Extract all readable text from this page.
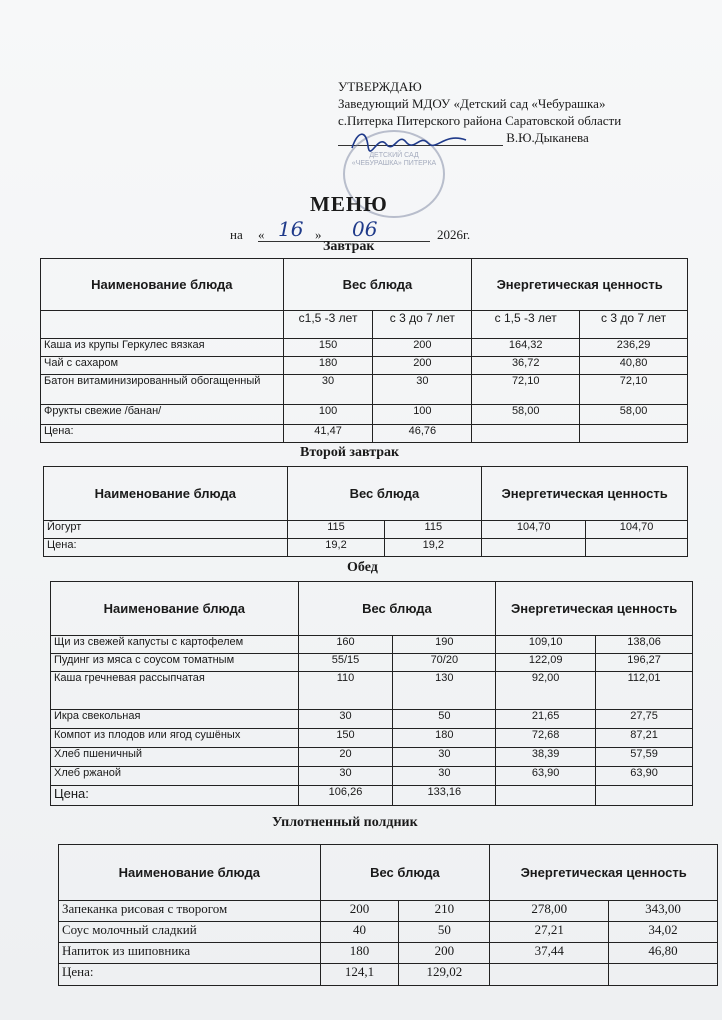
УТВЕРЖДАЮ
Заведующий МДОУ «Детский сад «Чебурашка»
с.Питерка Питерского района Саратовской области
В.Ю.Дыканева
ДЕТСКИЙ САД «ЧЕБУРАШКА» ПИТЕРКА
МЕНЮ
на « 16 » 06	2026г.
Завтрак
Наименование блюда	Вес блюда		Энергетическая ценность	
	с1,5 -3 лет	с 3 до 7 лет	с 1,5 -3 лет	с 3 до 7 лет
Каша из крупы Геркулес вязкая	150	200	164,32	236,29
Чай с сахаром	180	200	36,72	40,80
Батон витаминизированный обогащенный	30	30	72,10	72,10
Фрукты свежие /банан/	100	100	58,00	58,00
Цена:	41,47	46,76		
Второй завтрак
Наименование блюда	Вес блюда		Энергетическая ценность	
Йогурт	115	115	104,70	104,70
Цена:	19,2	19,2		
Обед
Наименование блюда	Вес блюда		Энергетическая ценность	
Щи из свежей капусты с картофелем	160	190	109,10	138,06
Пудинг из мяса с соусом томатным	55/15	70/20	122,09	196,27
Каша гречневая рассыпчатая	110	130	92,00	112,01
Икра свекольная	30	50	21,65	27,75
Компот из плодов или ягод сушёных	150	180	72,68	87,21
Хлеб пшеничный	20	30	38,39	57,59
Хлеб ржаной	30	30	63,90	63,90
Цена:	106,26	133,16		
Уплотненный полдник
Наименование блюда	Вес блюда		Энергетическая ценность	
Запеканка рисовая с творогом	200	210	278,00	343,00
Соус молочный сладкий	40	50	27,21	34,02
Напиток из шиповника	180	200	37,44	46,80
Цена:	124,1	129,02		
